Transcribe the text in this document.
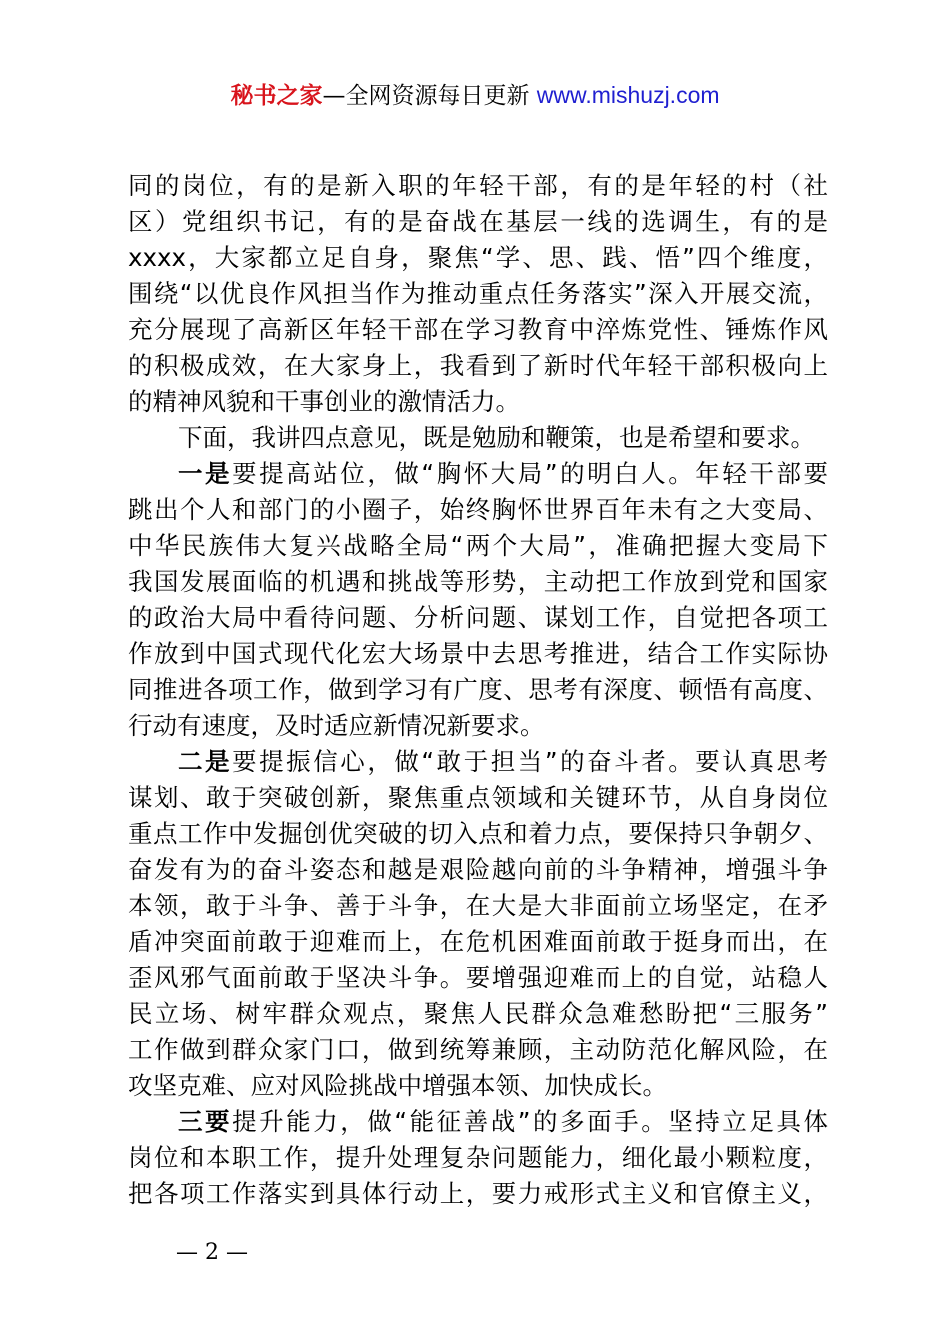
秘书之家—全网资源每日更新 www.mishuzj.com
同的岗位，有的是新入职的年轻干部，有的是年轻的村（社
区）党组织书记，有的是奋战在基层一线的选调生，有的是
xxxx，大家都立足自身，聚焦“学、思、践、悟”四个维度，
围绕“以优良作风担当作为推动重点任务落实”深入开展交流，
充分展现了高新区年轻干部在学习教育中淬炼党性、锤炼作风
的积极成效，在大家身上，我看到了新时代年轻干部积极向上
的精神风貌和干事创业的激情活力。
下面，我讲四点意见，既是勉励和鞭策，也是希望和要求。
一是要提高站位，做“胸怀大局”的明白人。年轻干部要
跳出个人和部门的小圈子，始终胸怀世界百年未有之大变局、
中华民族伟大复兴战略全局“两个大局”，准确把握大变局下
我国发展面临的机遇和挑战等形势，主动把工作放到党和国家
的政治大局中看待问题、分析问题、谋划工作，自觉把各项工
作放到中国式现代化宏大场景中去思考推进，结合工作实际协
同推进各项工作，做到学习有广度、思考有深度、顿悟有高度、
行动有速度，及时适应新情况新要求。
二是要提振信心，做“敢于担当”的奋斗者。要认真思考
谋划、敢于突破创新，聚焦重点领域和关键环节，从自身岗位
重点工作中发掘创优突破的切入点和着力点，要保持只争朝夕、
奋发有为的奋斗姿态和越是艰险越向前的斗争精神，增强斗争
本领，敢于斗争、善于斗争，在大是大非面前立场坚定，在矛
盾冲突面前敢于迎难而上，在危机困难面前敢于挺身而出，在
歪风邪气面前敢于坚决斗争。要增强迎难而上的自觉，站稳人
民立场、树牢群众观点，聚焦人民群众急难愁盼把“三服务”
工作做到群众家门口，做到统筹兼顾，主动防范化解风险，在
攻坚克难、应对风险挑战中增强本领、加快成长。
三要提升能力，做“能征善战”的多面手。坚持立足具体
岗位和本职工作，提升处理复杂问题能力，细化最小颗粒度，
把各项工作落实到具体行动上，要力戒形式主义和官僚主义，
— 2 —
